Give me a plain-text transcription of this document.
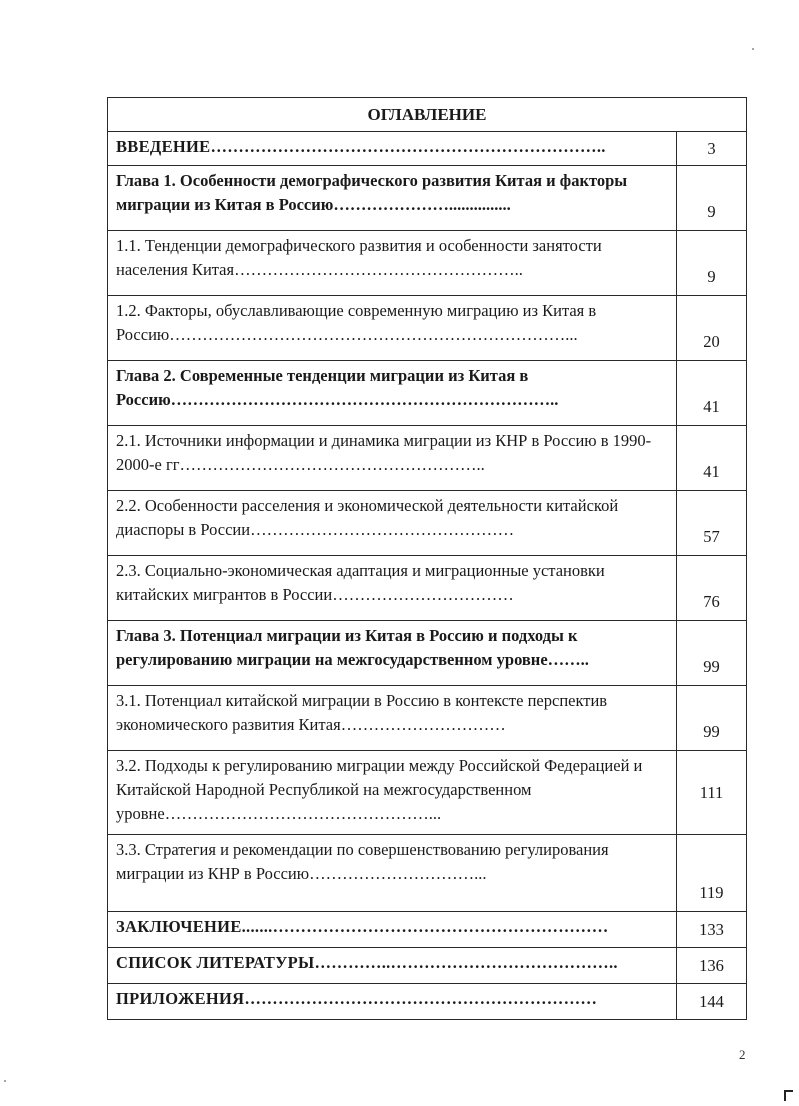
ОГЛАВЛЕНИЕ	
ВВЕДЕНИЕ……………………………………………………………..	3
Глава 1. Особенности демографического развития Китая и факторы миграции из Китая в Россию…………………...............	9
1.1. Тенденции демографического развития и особенности занятости населения Китая……………………………………………..	9
1.2. Факторы, обуславливающие современную миграцию из Китая в Россию………………………………………………………………...	20
Глава 2. Современные тенденции миграции из Китая в Россию……………………………………………………………..	41
2.1. Источники информации и динамика миграции из КНР в Россию в 1990-2000-е гг………………………………………………..	41
2.2. Особенности расселения и экономической деятельности китайской диаспоры в России…………………………………………	57
2.3. Социально-экономическая адаптация и миграционные установки китайских мигрантов в России……………………………	76
Глава 3. Потенциал миграции из Китая в Россию и подходы к регулированию миграции на межгосударственном уровне……..	99
3.1. Потенциал китайской миграции в Россию в контексте перспектив экономического развития Китая…………………………	99
3.2. Подходы к регулированию миграции между Российской Федерацией и Китайской Народной Республикой на межгосударственном уровне…………………………………………...	111
3.3. Стратегия и рекомендации по совершенствованию регулирования миграции из КНР в Россию…………………………...	119
ЗАКЛЮЧЕНИЕ.......……………………………………………………	133
СПИСОК ЛИТЕРАТУРЫ…………..…………………………………..	136
ПРИЛОЖЕНИЯ………………………………………………………	144
2
